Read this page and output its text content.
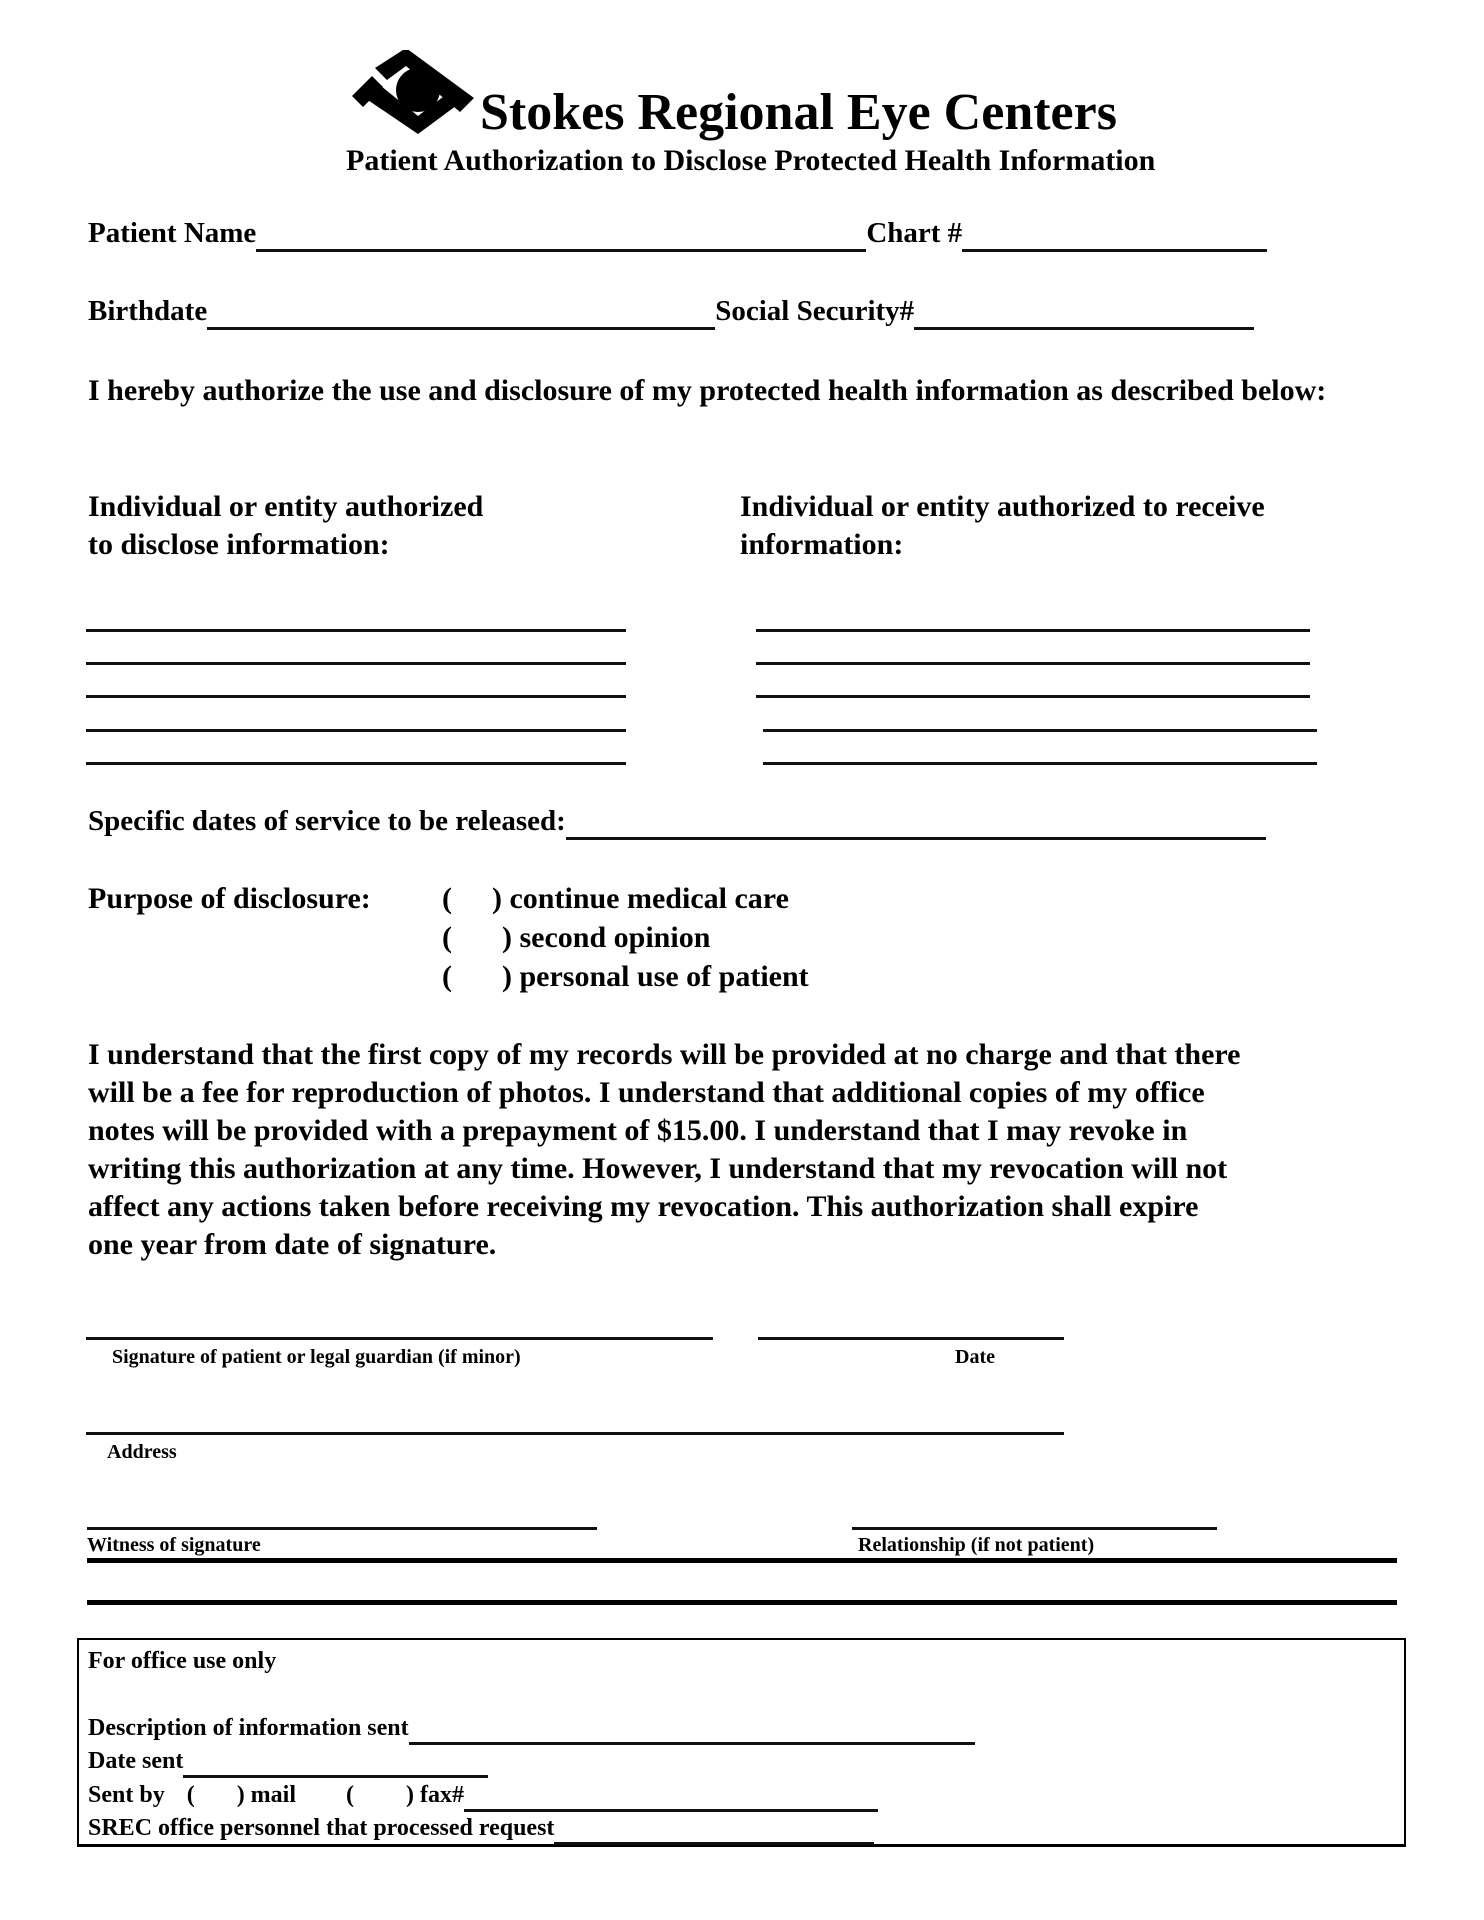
Stokes Regional Eye Centers
Patient Authorization to Disclose Protected Health Information
Patient Name	Chart #
Birthdate	Social Security#
I hereby authorize the use and disclosure of my protected health information as described below:
Individual or entity authorized
to disclose information:
Individual or entity authorized to receive
information:
Specific dates of service to be released:
Purpose of disclosure: ( ) continue medical care
( ) second opinion
( ) personal use of patient
I understand that the first copy of my records will be provided at no charge and that there
will be a fee for reproduction of photos. I understand that additional copies of my office
notes will be provided with a prepayment of $15.00. I understand that I may revoke in
writing this authorization at any time. However, I understand that my revocation will not
affect any actions taken before receiving my revocation. This authorization shall expire
one year from date of signature.
Signature of patient or legal guardian (if minor)	Date
Address
Witness of signature	Relationship (if not patient)
For office use only
Description of information sent
Date sent
Sent by ( ) mail ( ) fax#
SREC office personnel that processed request
